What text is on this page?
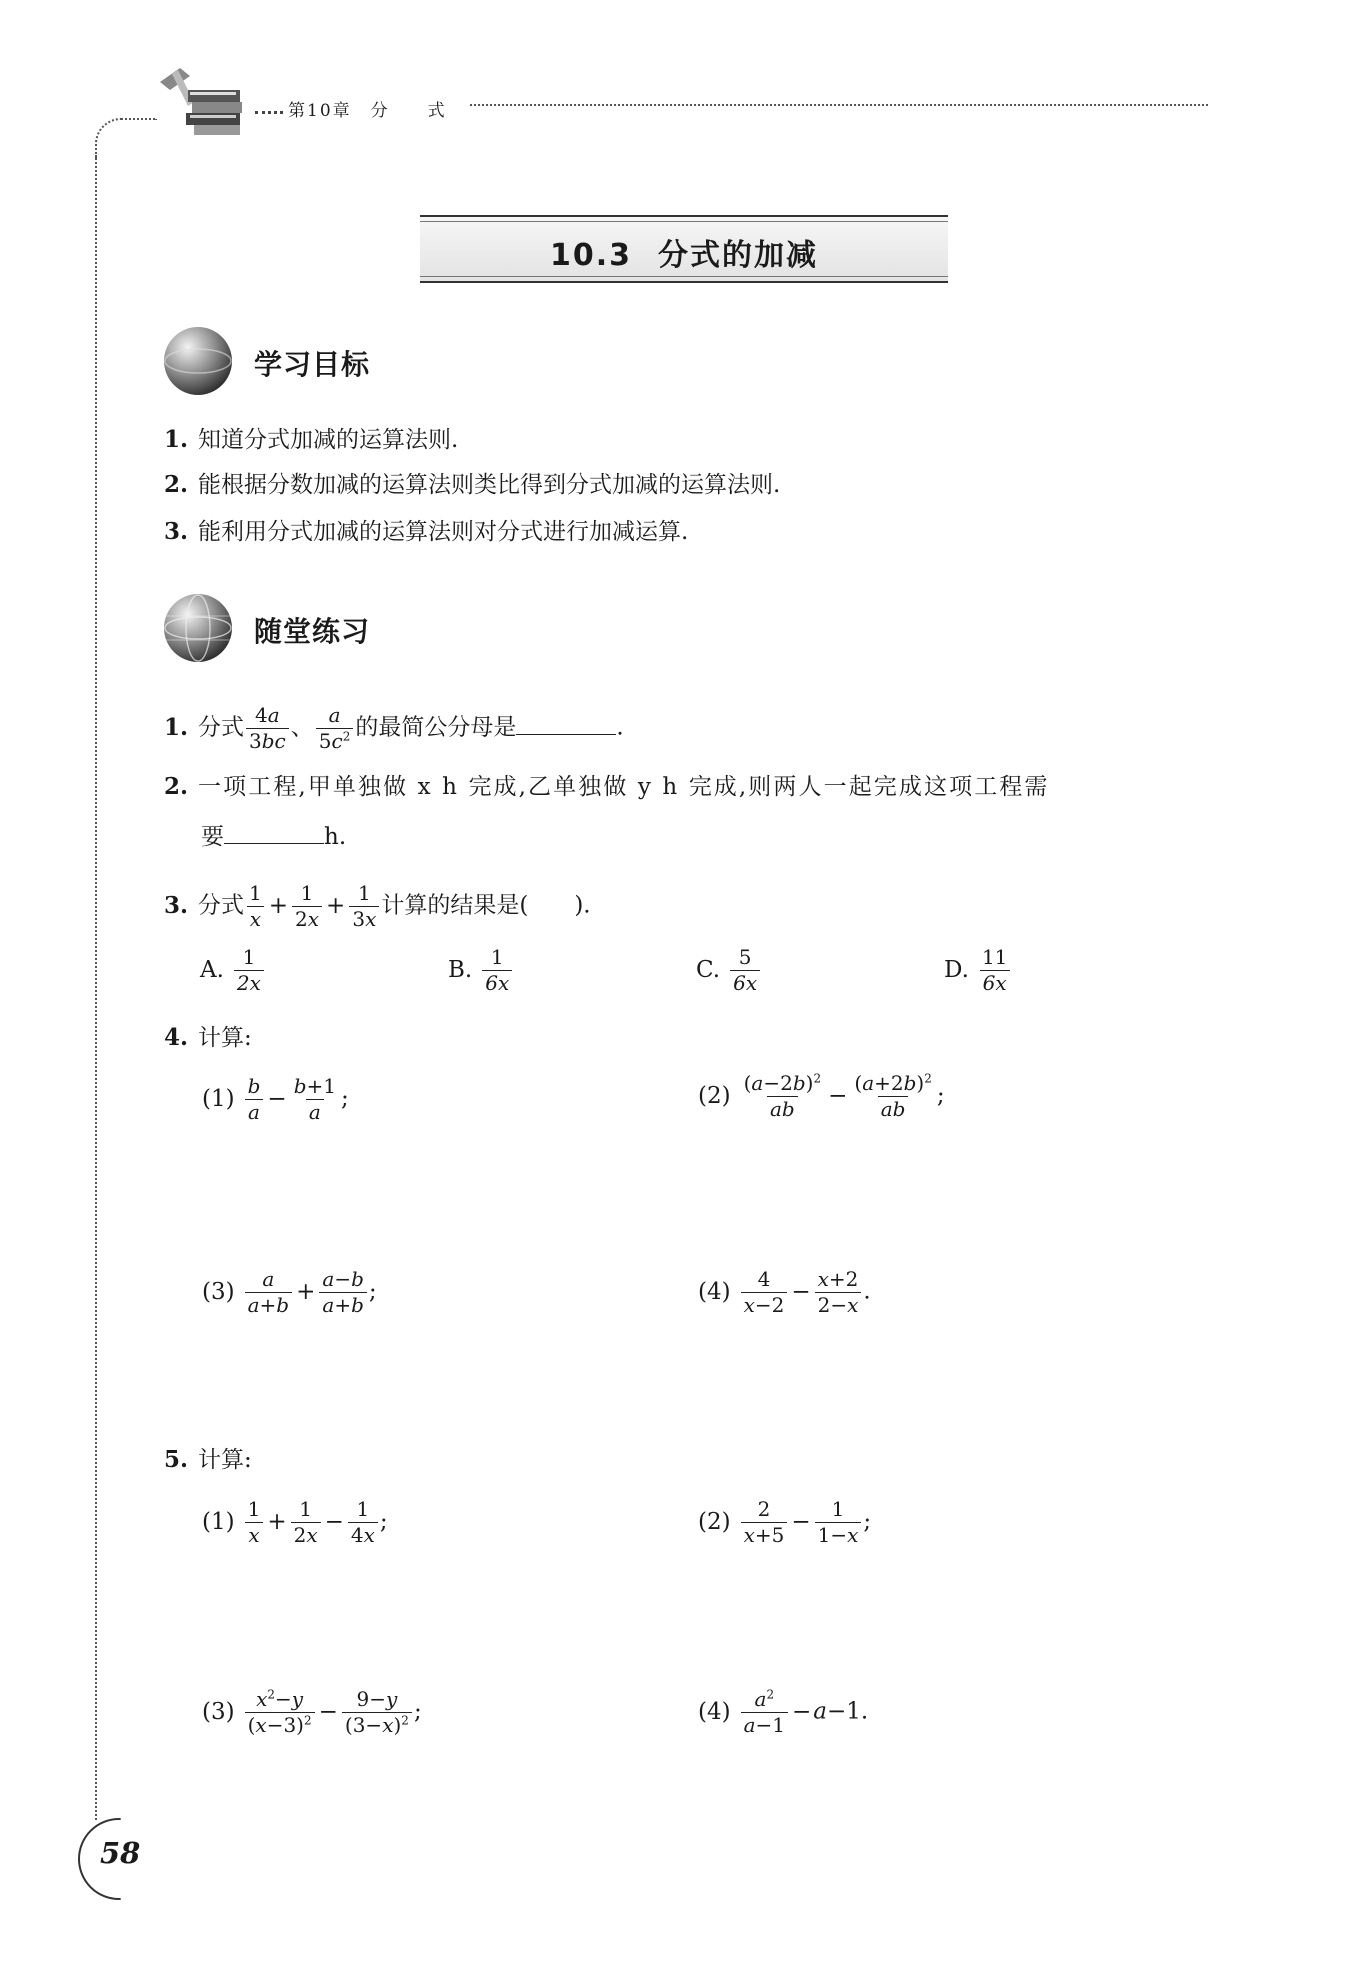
第10章　分　　式
10.3 分式的加减
学习目标
1. 知道分式加减的运算法则.
2. 能根据分数加减的运算法则类比得到分式加减的运算法则.
3. 能利用分式加减的运算法则对分式进行加减运算.
随堂练习
1. 分式 $\frac{4a}{3bc}$ 、 $\frac{a}{5c^2}$ 的最简公分母是	.
2. 一项工程,甲单独做 x h 完成,乙单独做 y h 完成,则两人一起完成这项工程需
要	h.
3. 分式 $\frac{1}{x} + \frac{1}{2x} + \frac{1}{3x}$ 计算的结果是( ).
A. $\frac{1}{2x}$	B. $\frac{1}{6x}$	C. $\frac{5}{6x}$	D. $\frac{11}{6x}$
4. 计算:
$(1) \frac{b}{a} - \frac{b+1}{a}$ ;	$(2) \frac{(a-2b)^2}{ab} - \frac{(a+2b)^2}{ab}$ ;
$(3) \frac{a}{a+b} + \frac{a-b}{a+b}$ ;	$(4) \frac{4}{x-2} - \frac{x+2}{2-x}$ .
5. 计算:
$(1) \frac{1}{x} + \frac{1}{2x} - \frac{1}{4x}$ ;	$(2) \frac{2}{x+5} - \frac{1}{1-x}$ ;
$(3) \frac{x^2-y}{(x-3)^2} - \frac{9-y}{(3-x)^2}$ ;	$(4) \frac{a^2}{a-1} -a-1$.
58
